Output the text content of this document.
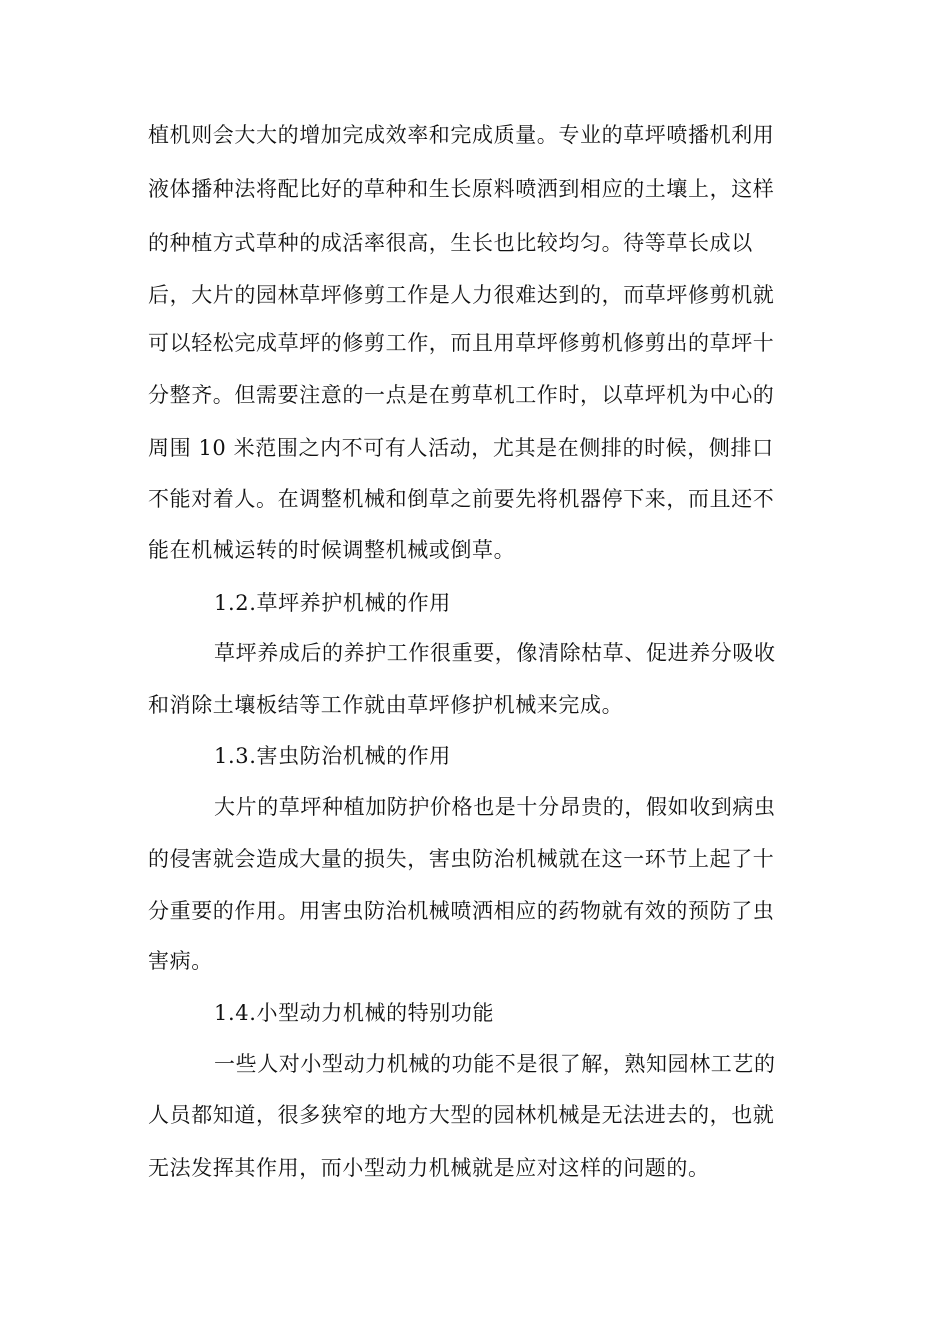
植机则会大大的增加完成效率和完成质量。专业的草坪喷播机利用
液体播种法将配比好的草种和生长原料喷洒到相应的土壤上，这样
的种植方式草种的成活率很高，生长也比较均匀。待等草长成以
后，大片的园林草坪修剪工作是人力很难达到的，而草坪修剪机就
可以轻松完成草坪的修剪工作，而且用草坪修剪机修剪出的草坪十
分整齐。但需要注意的一点是在剪草机工作时，以草坪机为中心的
周围 10 米范围之内不可有人活动，尤其是在侧排的时候，侧排口
不能对着人。在调整机械和倒草之前要先将机器停下来，而且还不
能在机械运转的时候调整机械或倒草。
1.2.草坪养护机械的作用
草坪养成后的养护工作很重要，像清除枯草、促进养分吸收
和消除土壤板结等工作就由草坪修护机械来完成。
1.3.害虫防治机械的作用
大片的草坪种植加防护价格也是十分昂贵的，假如收到病虫
的侵害就会造成大量的损失，害虫防治机械就在这一环节上起了十
分重要的作用。用害虫防治机械喷洒相应的药物就有效的预防了虫
害病。
1.4.小型动力机械的特别功能
一些人对小型动力机械的功能不是很了解，熟知园林工艺的
人员都知道，很多狭窄的地方大型的园林机械是无法进去的，也就
无法发挥其作用，而小型动力机械就是应对这样的问题的。
